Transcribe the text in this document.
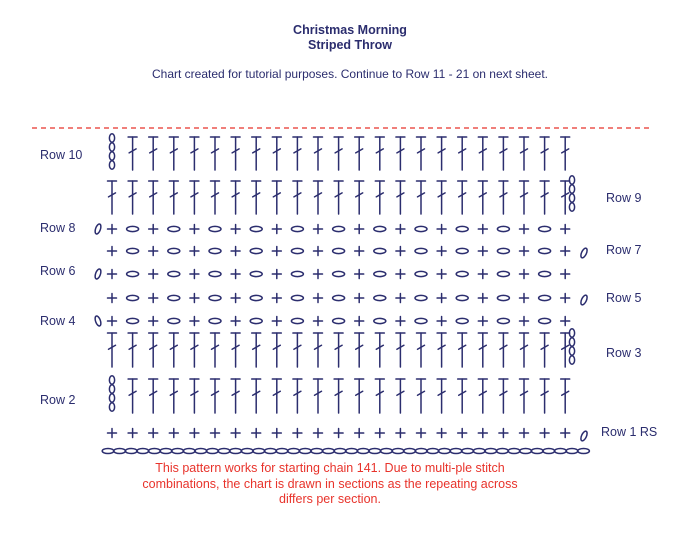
Christmas Morning
Striped Throw
Chart created for tutorial purposes. Continue to Row 11 - 21 on next sheet.
Row 10
Row 9
Row 8
Row 7
Row 6
Row 5
Row 4
Row 3
Row 2
Row 1 RS
This pattern works for starting chain 141. Due to multi-ple stitch combinations, the chart is drawn in sections as the repeating across differs per section.
